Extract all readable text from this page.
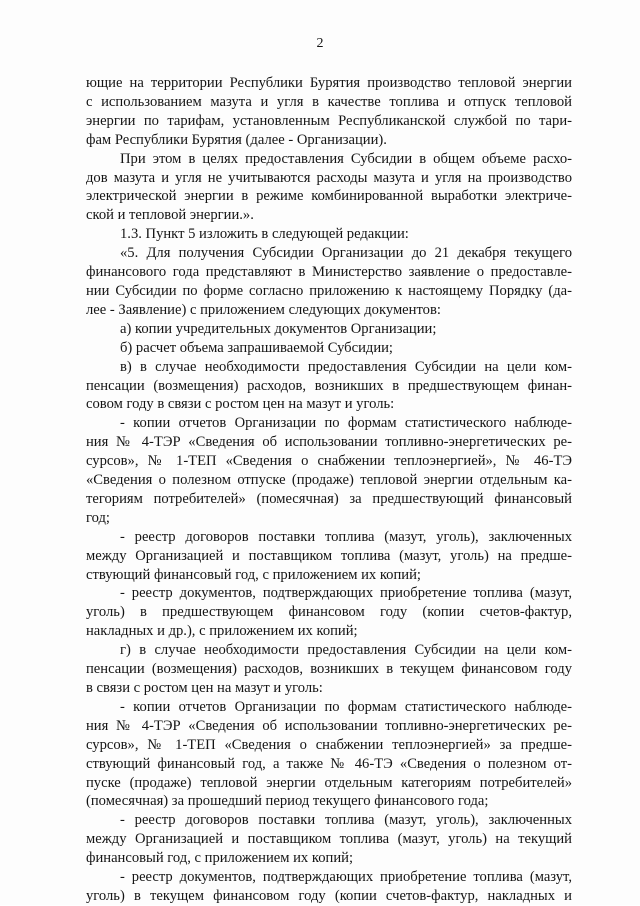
2

ющие на территории Республики Бурятия производство тепловой энергии

с использованием мазута и угля в качестве топлива и отпуск тепловой

энергии по тарифам, установленным Республиканской службой по тари-

фам Республики Бурятия (далее - Организации).

При этом в целях предоставления Субсидии в общем объеме расхо-

дов мазута и угля не учитываются расходы мазута и угля на производство

электрической энергии в режиме комбинированной выработки электриче-

ской и тепловой энергии.».

1.3. Пункт 5 изложить в следующей редакции:

«5. Для получения Субсидии Организации до 21 декабря текущего

финансового года представляют в Министерство заявление о предоставле-

нии Субсидии по форме согласно приложению к настоящему Порядку (да-

лее - Заявление) с приложением следующих документов:

а) копии учредительных документов Организации;

б) расчет объема запрашиваемой Субсидии;

в) в случае необходимости предоставления Субсидии на цели ком-

пенсации (возмещения) расходов, возникших в предшествующем финан-

совом году в связи с ростом цен на мазут и уголь:

- копии отчетов Организации по формам статистического наблюде-

ния № 4-ТЭР «Сведения об использовании топливно-энергетических ре-

сурсов», № 1-ТЕП «Сведения о снабжении теплоэнергией», № 46-ТЭ

«Сведения о полезном отпуске (продаже) тепловой энергии отдельным ка-

тегориям потребителей» (помесячная) за предшествующий финансовый

год;

- реестр договоров поставки топлива (мазут, уголь), заключенных

между Организацией и поставщиком топлива (мазут, уголь) на предше-

ствующий финансовый год, с приложением их копий;

- реестр документов, подтверждающих приобретение топлива (мазут,

уголь) в предшествующем финансовом году (копии счетов-фактур,

накладных и др.), с приложением их копий;

г) в случае необходимости предоставления Субсидии на цели ком-

пенсации (возмещения) расходов, возникших в текущем финансовом году

в связи с ростом цен на мазут и уголь:

- копии отчетов Организации по формам статистического наблюде-

ния № 4-ТЭР «Сведения об использовании топливно-энергетических ре-

сурсов», № 1-ТЕП «Сведения о снабжении теплоэнергией» за предше-

ствующий финансовый год, а также № 46-ТЭ «Сведения о полезном от-

пуске (продаже) тепловой энергии отдельным категориям потребителей»

(помесячная) за прошедший период текущего финансового года;

- реестр договоров поставки топлива (мазут, уголь), заключенных

между Организацией и поставщиком топлива (мазут, уголь) на текущий

финансовый год, с приложением их копий;

- реестр документов, подтверждающих приобретение топлива (мазут,

уголь) в текущем финансовом году (копии счетов-фактур, накладных и
